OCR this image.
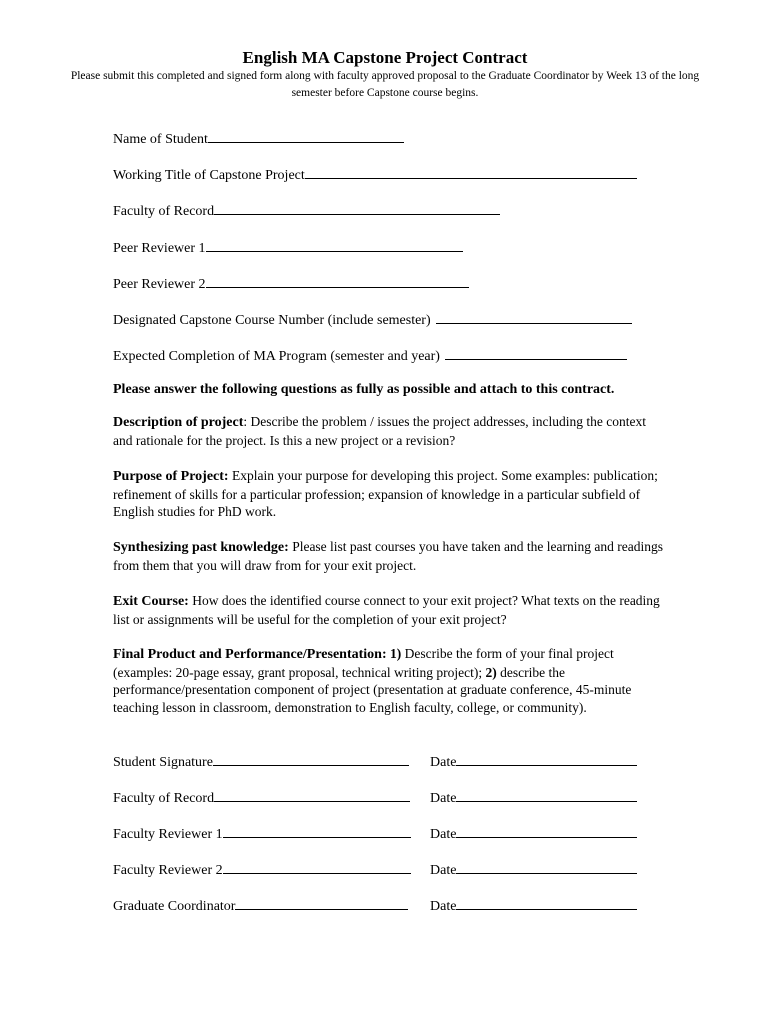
English MA Capstone Project Contract
Please submit this completed and signed form along with faculty approved proposal to the Graduate Coordinator by Week 13 of the long semester before Capstone course begins.
Name of Student
Working Title of Capstone Project
Faculty of Record
Peer Reviewer 1
Peer Reviewer 2
Designated Capstone Course Number (include semester)
Expected Completion of MA Program (semester and year)
Please answer the following questions as fully as possible and attach to this contract.
Description of project: Describe the problem / issues the project addresses, including the context and rationale for the project. Is this a new project or a revision?
Purpose of Project: Explain your purpose for developing this project. Some examples: publication; refinement of skills for a particular profession; expansion of knowledge in a particular subfield of English studies for PhD work.
Synthesizing past knowledge: Please list past courses you have taken and the learning and readings from them that you will draw from for your exit project.
Exit Course: How does the identified course connect to your exit project? What texts on the reading list or assignments will be useful for the completion of your exit project?
Final Product and Performance/Presentation: 1) Describe the form of your final project (examples: 20-page essay, grant proposal, technical writing project); 2) describe the performance/presentation component of project (presentation at graduate conference, 45-minute teaching lesson in classroom, demonstration to English faculty, college, or community).
Student Signature	Date
Faculty of Record	Date
Faculty Reviewer 1	Date
Faculty Reviewer 2	Date
Graduate Coordinator	Date
